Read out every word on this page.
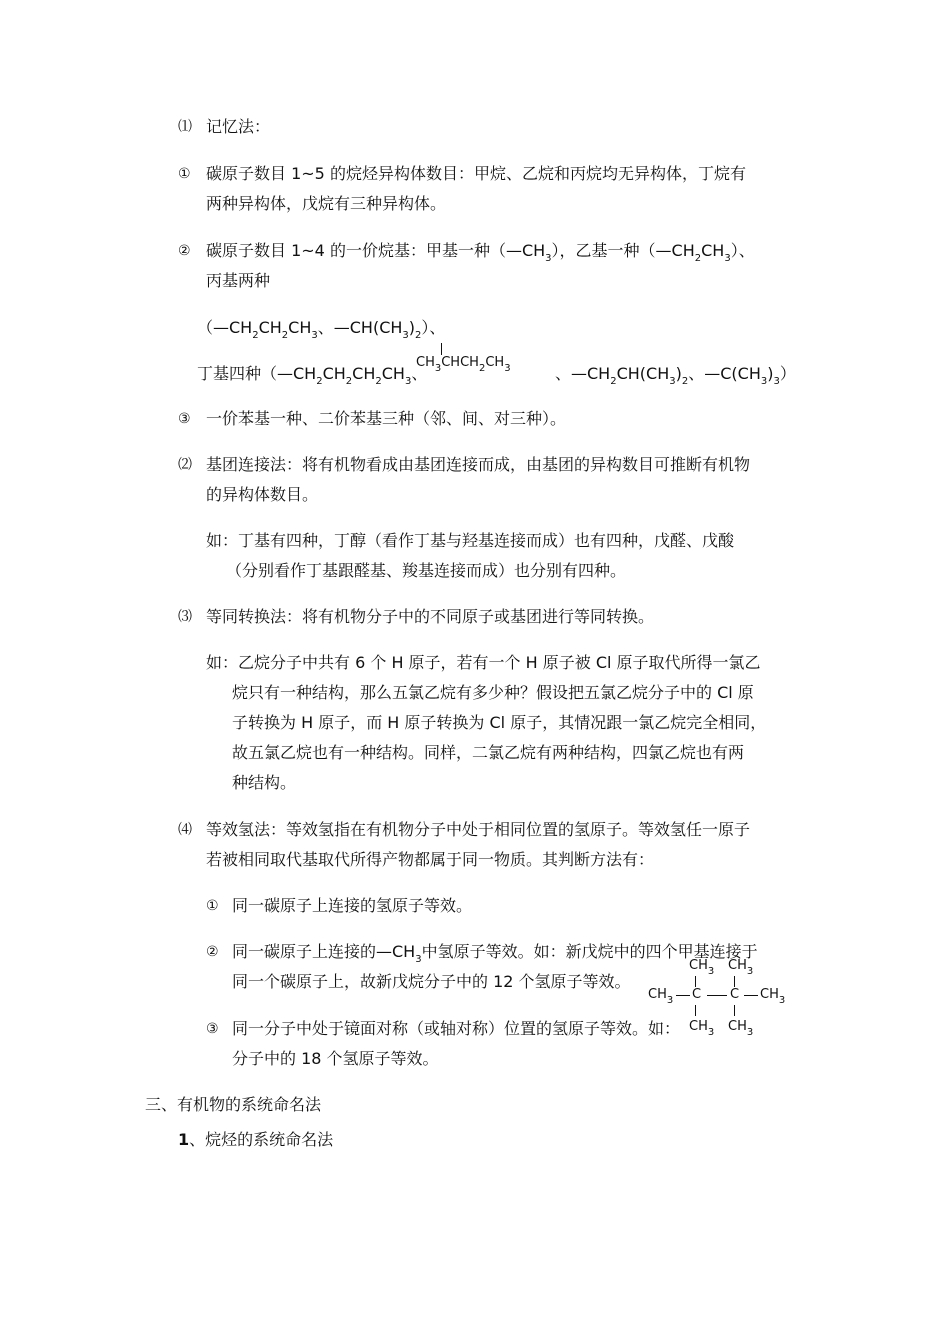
⑴ 记忆法：
① 碳原子数目 1~5 的烷烃异构体数目：甲烷、乙烷和丙烷均无异构体，丁烷有
两种异构体，戊烷有三种异构体。
② 碳原子数目 1~4 的一价烷基：甲基一种$(—CH_3)$，乙基一种$(—CH_2CH_3)$、
丙基两种
（$—CH_2CH_2CH_3$、$—CH(CH_3)_2$）、
丁基四种（$—CH_2CH_2CH_2CH_3$、
$CH_3CHCH_2CH_3$	、$—CH_2CH(CH_3)_2$、$—C(CH_3)_3$）
③ 一价苯基一种、二价苯基三种（邻、间、对三种）。
⑵ 基团连接法：将有机物看成由基团连接而成，由基团的异构数目可推断有机物
的异构体数目。
如：丁基有四种，丁醇（看作丁基与羟基连接而成）也有四种，戊醛、戊酸
（分别看作丁基跟醛基、羧基连接而成）也分别有四种。
⑶ 等同转换法：将有机物分子中的不同原子或基团进行等同转换。
如：乙烷分子中共有 6 个 H 原子，若有一个 H 原子被 Cl 原子取代所得一氯乙
烷只有一种结构，那么五氯乙烷有多少种？假设把五氯乙烷分子中的 Cl 原
子转换为 H 原子，而 H 原子转换为 Cl 原子，其情况跟一氯乙烷完全相同，
故五氯乙烷也有一种结构。同样，二氯乙烷有两种结构，四氯乙烷也有两
种结构。
⑷ 等效氢法：等效氢指在有机物分子中处于相同位置的氢原子。等效氢任一原子
若被相同取代基取代所得产物都属于同一物质。其判断方法有：
① 同一碳原子上连接的氢原子等效。
② 同一碳原子上连接的$—CH_3$中氢原子等效。如：新戊烷中的四个甲基连接于
同一个碳原子上，故新戊烷分子中的 12 个氢原子等效。
③ 同一分子中处于镜面对称（或轴对称）位置的氢原子等效。如：
分子中的 18 个氢原子等效。
$CH_3$ $CH_3$
$CH_3$ C C $CH_3$
$CH_3$ $CH_3$
三、有机物的系统命名法
1、烷烃的系统命名法
